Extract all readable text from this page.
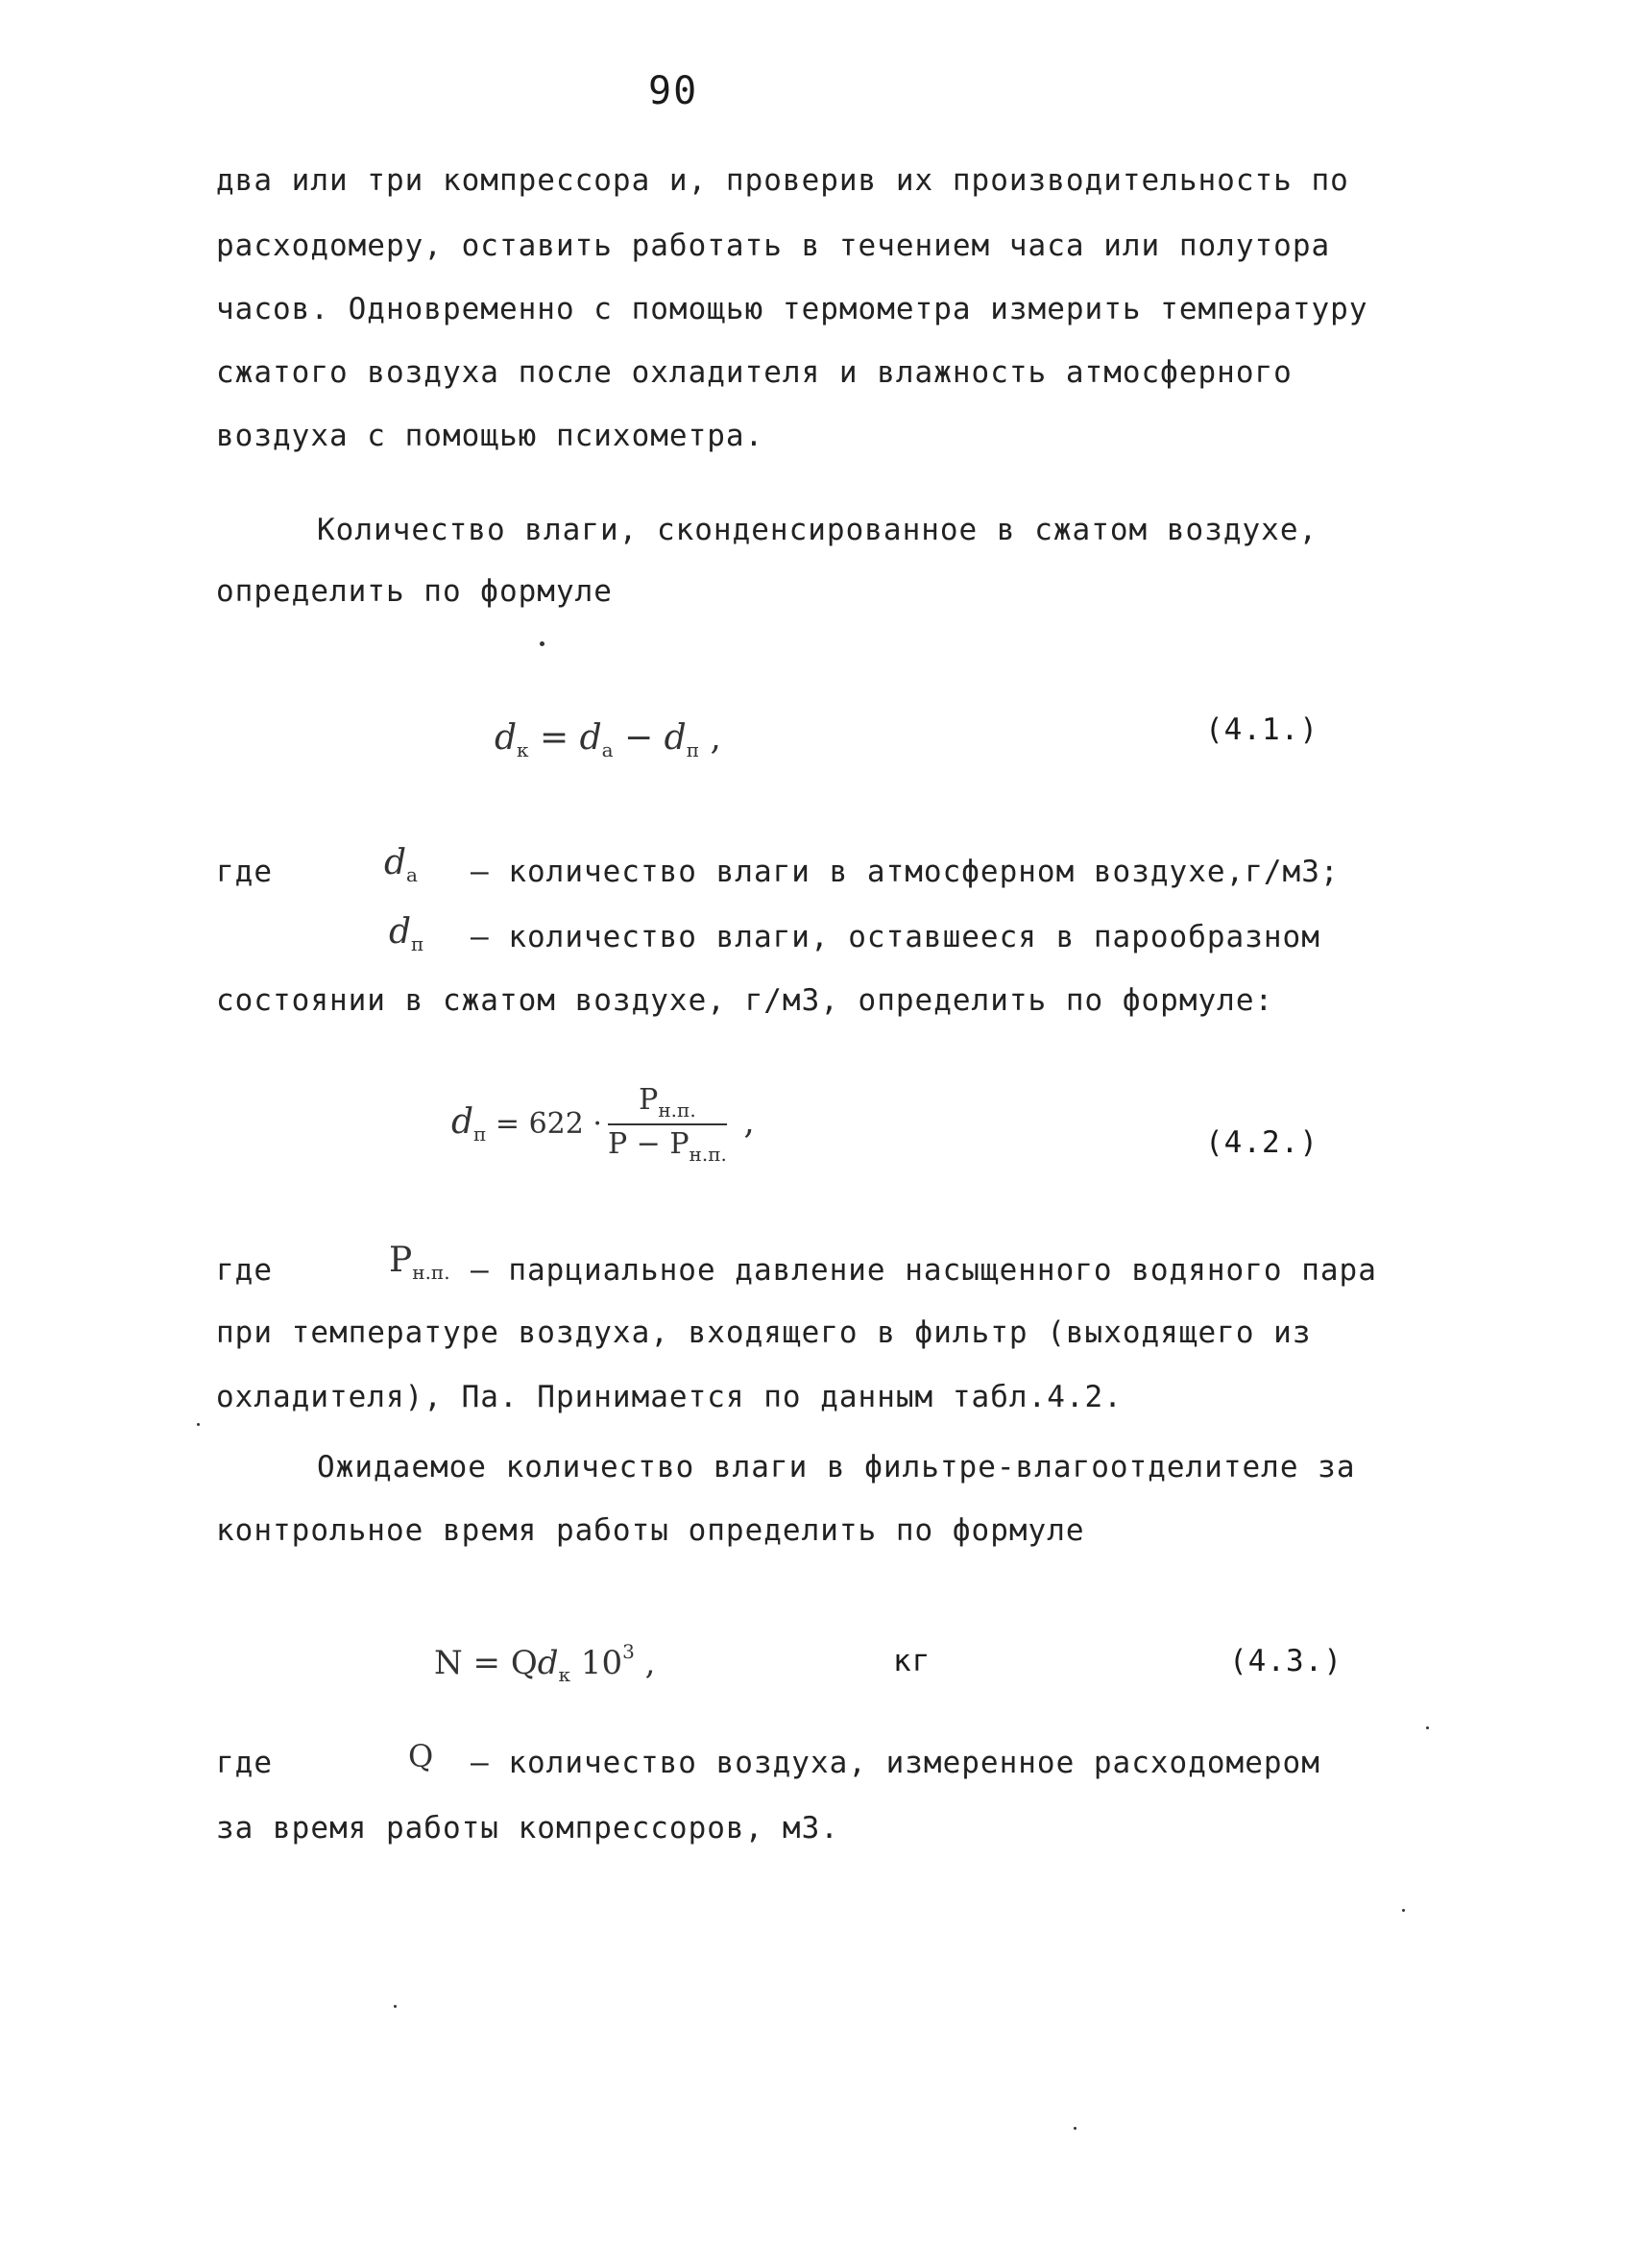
90
два или три компрессора и, проверив их производительность по
расходомеру, оставить работать в течением часа или полутора
часов. Одновременно с помощью термометра измерить температуру
сжатого воздуха после охладителя и влажность атмосферного
воздуха с помощью психометра.
Количество влаги, сконденсированное в сжатом воздухе,
определить по формуле
$d_к = d_а - d_п$ ,	(4.1.)
где	$d_а$ – количество влаги в атмосферном воздухе,г/м3;
$d_п$ – количество влаги, оставшееся в парообразном
состоянии в сжатом воздухе, г/м3, определить по формуле:
$d_п = 622 \cdot \frac{P_{н.п.}}{P - P_{н.п.}}$ ,
(4.2.)
где	$P_{н.п.}$ – парциальное давление насыщенного водяного пара
при температуре воздуха, входящего в фильтр (выходящего из
охладителя), Па. Принимается по данным табл.4.2.
Ожидаемое количество влаги в фильтре-влагоотделителе за
контрольное время работы определить по формуле
$N = Qd_к$ $10^3$ ,	кг	(4.3.)
где	Q – количество воздуха, измеренное расходомером
за время работы компрессоров, м3.
